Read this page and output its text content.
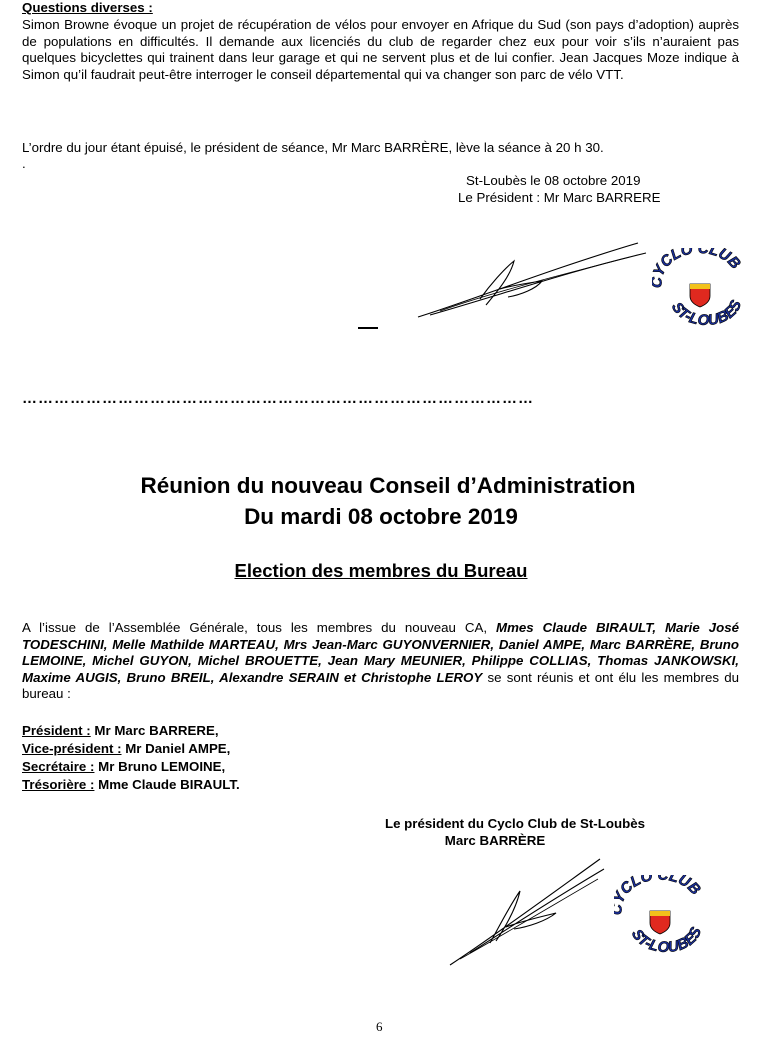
Questions diverses :
Simon Browne évoque un projet de récupération de vélos pour envoyer en Afrique du Sud (son pays d’adoption) auprès de populations en difficultés. Il demande aux licenciés du club de regarder chez eux pour voir s’ils n’auraient pas quelques bicyclettes qui trainent dans leur garage et qui ne servent plus et de lui confier. Jean Jacques Moze indique à Simon qu’il faudrait peut-être interroger le conseil départemental qui va changer son parc de vélo VTT.
L’ordre du jour étant épuisé, le président de séance, Mr Marc BARRÈRE, lève la séance à 20 h 30.
.
St-Loubès le 08 octobre 2019
Le Président : Mr Marc BARRERE
CLO CLUB
ST-LOUBES
……………………………………………………………………………………
Réunion du nouveau Conseil d’Administration
Du mardi 08 octobre 2019
Election des membres du Bureau
A l’issue de l’Assemblée Générale, tous les membres du nouveau CA, Mmes Claude BIRAULT, Marie José TODESCHINI, Melle Mathilde MARTEAU, Mrs Jean-Marc GUYONVERNIER, Daniel AMPE, Marc BARRÈRE, Bruno LEMOINE, Michel GUYON, Michel BROUETTE, Jean Mary MEUNIER, Philippe COLLIAS, Thomas JANKOWSKI, Maxime AUGIS, Bruno BREIL, Alexandre SERAIN et Christophe LEROY se sont réunis et ont élu les membres du bureau :
Président : Mr Marc BARRERE,
Vice-président : Mr Daniel AMPE,
Secrétaire : Mr Bruno LEMOINE,
Trésorière : Mme Claude BIRAULT.
Le président du Cyclo Club de St-Loubès
Marc BARRÈRE
CLO CLUB
ST-LOUBES
6
